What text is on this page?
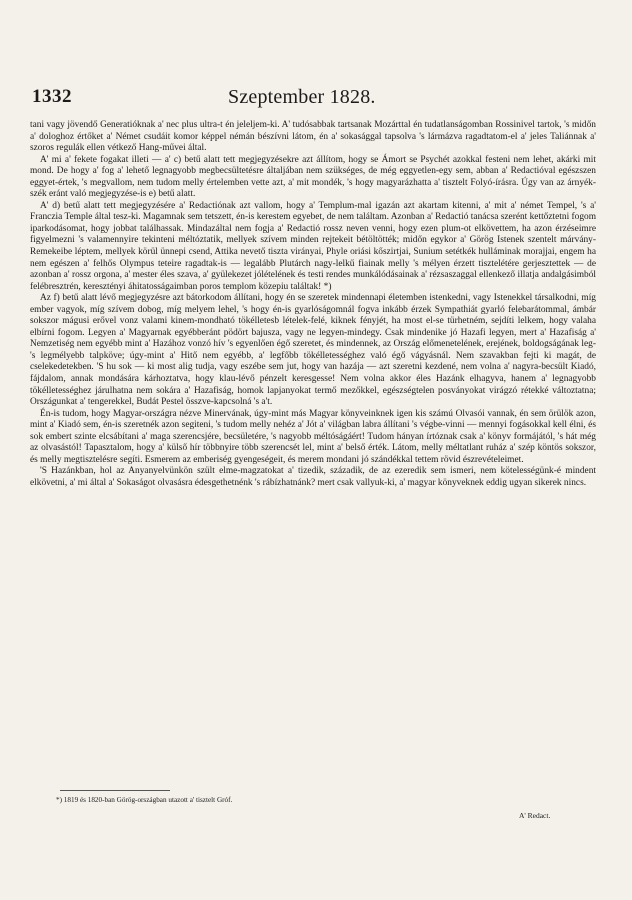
1332	Szeptember 1828.

tani vagy jövendő Generatióknak a' nec plus ultra-t én jeleljem-ki. A' tudósabbak tartsanak Mozárttal én tudatlanságomban Rossinivel tartok, 's midőn a' dologhoz értőket a' Német csudáit komor képpel némán bészívni látom, én a' sokasággal tapsolva 's lármázva ragadtatom-el a' jeles Taliánnak a' szoros regulák ellen vétkező Hang-művei által.

A' mi a' fekete fogakat illeti — a' c) betű alatt tett megjegyzésekre azt állítom, hogy se Ámort se Psychét azokkal festeni nem lehet, akárki mit mond. De hogy a' fog a' lehető legnagyobb megbecsültetésre általjában nem szükséges, de még eggyetlen-egy sem, abban a' Redactióval egészszen eggyet-értek, 's megvallom, nem tudom melly értelemben vette azt, a' mit mondék, 's hogy magyarázhatta a' tisztelt Folyó-írásra. Úgy van az árnyék-szék eránt való megjegyzése-is e) betű alatt.

A' d) betű alatt tett megjegyzésére a' Redactiónak azt vallom, hogy a' Templum-mal igazán azt akartam kitenni, a' mit a' német Tempel, 's a' Franczia Temple által tesz-ki. Magamnak sem tetszett, én-is kerestem egyebet, de nem találtam. Azonban a' Redactió tanácsa szerént kettőztetni fogom iparkodásomat, hogy jobbat találhassak. Mindazáltal nem fogja a' Redactió rossz neven venni, hogy ezen plum-ot elkövettem, ha azon érzéseimre figyelmezni 's valamennyire tekinteni méltóztatik, mellyek szívem minden rejtekeit bétöltötték; midőn egykor a' Görög Istenek szentelt márvány-Remekeibe léptem, mellyek körül ünnepi csend, Attika nevető tiszta virányai, Phyle oriási kőszirtjai, Sunium setétkék hulláminak morajjai, engem ha nem egészen a' felhős Olympus teteire ragadtak-is — legalább Plutárch nagy-lelkű fiainak melly 's mélyen érzett tisztelétére gerjesztettek — de azonban a' rossz orgona, a' mester éles szava, a' gyülekezet jólételének és testi rendes munkálódásainak a' rézsaszaggal ellenkező illatja andalgásimból felébresztrén, keresztényi áhitatosságaimban poros templom közepiu találtak! *)

Az f) betű alatt lévő megjegyzésre azt bátorkodom állítani, hogy én se szeretek mindennapi életemben istenkedni, vagy Istenekkel társalkodni, míg ember vagyok, míg szívem dobog, míg melyem lehel, 's hogy én-is gyarlóságomnál fogva inkább érzek Sympathiát gyarló felebarátommal, ámbár sokszor mágusi erővel vonz valami kinem-mondható tökélletesb lételek-felé, kiknek fényjét, ha most el-se türhetném, sejdíti lelkem, hogy valaha elbírni fogom. Legyen a' Magyarnak egyébberánt pödört bajusza, vagy ne legyen-mindegy. Csak mindenike jó Hazafi legyen, mert a' Hazafiság a' Nemzetiség nem egyébb mint a' Hazához vonzó hív 's egyenlően égő szeretet, és mindennek, az Ország előmenetelének, erejének, boldogságának leg-'s legmélyebb talpköve; úgy-mint a' Hitő nem egyébb, a' legfőbb tökélletességhez való égő vágyásnál. Nem szavakban fejti ki magát, de cselekedetekben. 'S hu sok — ki most alig tudja, vagy eszébe sem jut, hogy van hazája — azt szeretni kezdené, nem volna a' nagyra-becsült Kiadó, fájdalom, annak mondására kárhoztatva, hogy klau-lévő pénzelt keresgesse! Nem volna akkor éles Hazánk elhagyva, hanem a' legnagyobb tökélletességhez járulhatna nem sokára a' Hazafiság, homok lapjanyokat termő mezőkkel, egészségtelen posványokat virágzó rétekké változtatna; Országunkat a' tengerekkel, Budát Pestel összve-kapcsolná 's a't.

Én-is tudom, hogy Magyar-országra nézve Minervának, úgy-mint más Magyar könyveinknek igen kis számú Olvasói vannak, én sem örülök azon, mint a' Kiadó sem, én-is szeretnék azon segiteni, 's tudom melly nehéz a' Jót a' világban labra állítani 's végbe-vinni — mennyi fogásokkal kell élni, és sok embert szinte elcsábítani a' maga szerencsjére, becsületére, 's nagyobb méltóságáért! Tudom hányan írtóznak csak a' könyv formájától, 's hát még az olvasástól! Tapasztalom, hogy a' külső hír többnyire több szerencsét lel, mint a' belső érték. Látom, melly méltatlant ruház a' szép köntös sokszor, és melly megtisztelésre segíti. Esmerem az emberiség gyengeségeit, és merem mondani jó szándékkal tettem rövid észrevételeimet.

'S Hazánkban, hol az Anyanyelvünkön szült elme-magzatokat a' tizedik, századik, de az ezeredik sem ismeri, nem kötelességünk-é mindent elkövetni, a' mi által a' Sokaságot olvasásra édesgethetnénk 's rábízhatnánk? mert csak vallyuk-ki, a' magyar könyveknek eddig ugyan sikerek nincs.

*) 1819 és 1820-ban Görög-országban utazott a' tisztelt Gróf.
A' Redact.
